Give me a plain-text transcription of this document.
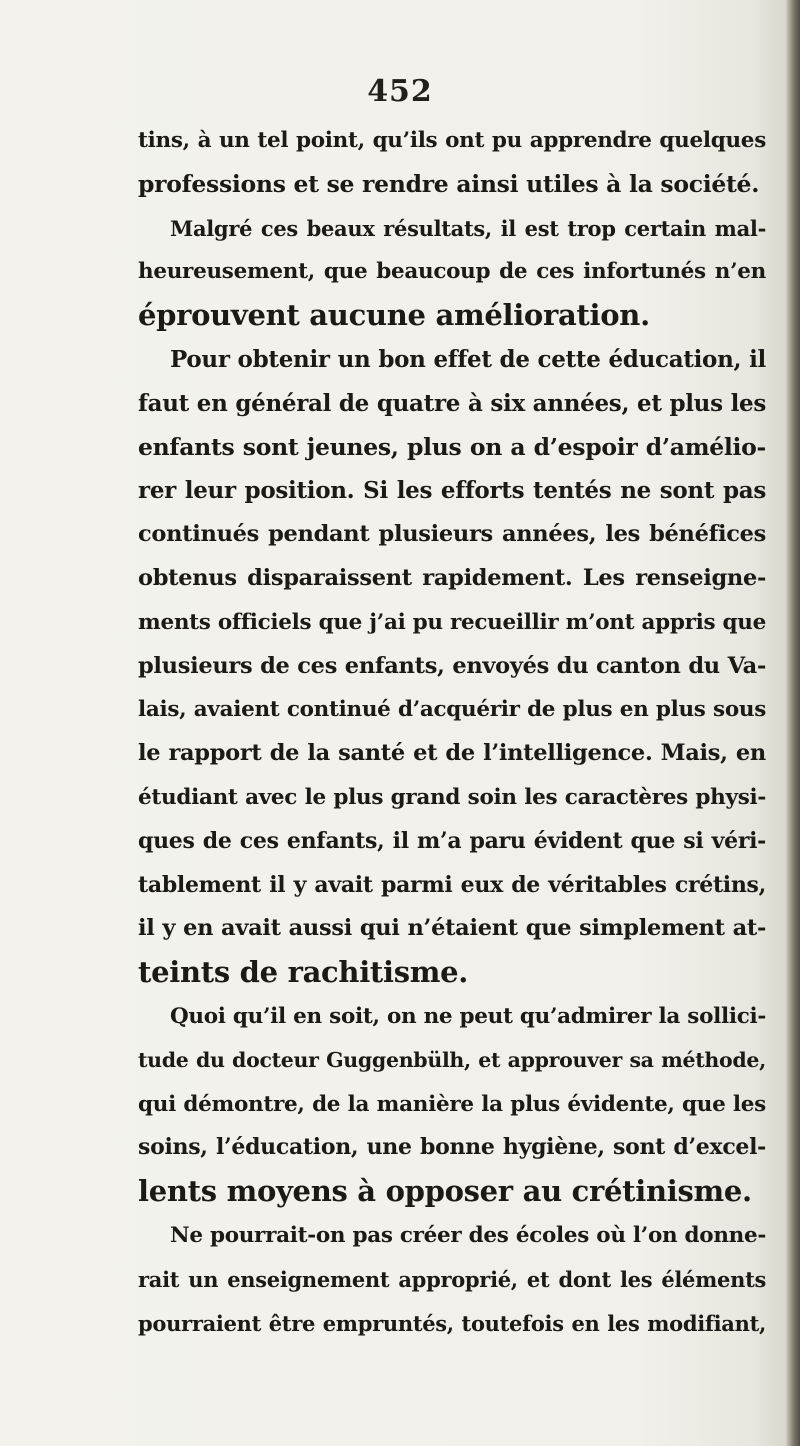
452
tins, à un tel point, qu’ils ont pu apprendre quelques
professions et se rendre ainsi utiles à la société.
Malgré ces beaux résultats, il est trop certain mal-
heureusement, que beaucoup de ces infortunés n’en
éprouvent aucune amélioration.
Pour obtenir un bon effet de cette éducation, il
faut en général de quatre à six années, et plus les
enfants sont jeunes, plus on a d’espoir d’amélio-
rer leur position. Si les efforts tentés ne sont pas
continués pendant plusieurs années, les bénéfices
obtenus disparaissent rapidement. Les renseigne-
ments officiels que j’ai pu recueillir m’ont appris que
plusieurs de ces enfants, envoyés du canton du Va-
lais, avaient continué d’acquérir de plus en plus sous
le rapport de la santé et de l’intelligence. Mais, en
étudiant avec le plus grand soin les caractères physi-
ques de ces enfants, il m’a paru évident que si véri-
tablement il y avait parmi eux de véritables crétins,
il y en avait aussi qui n’étaient que simplement at-
teints de rachitisme.
Quoi qu’il en soit, on ne peut qu’admirer la sollici-
tude du docteur Guggenbülh, et approuver sa méthode,
qui démontre, de la manière la plus évidente, que les
soins, l’éducation, une bonne hygiène, sont d’excel-
lents moyens à opposer au crétinisme.
Ne pourrait-on pas créer des écoles où l’on donne-
rait un enseignement approprié, et dont les éléments
pourraient être empruntés, toutefois en les modifiant,
